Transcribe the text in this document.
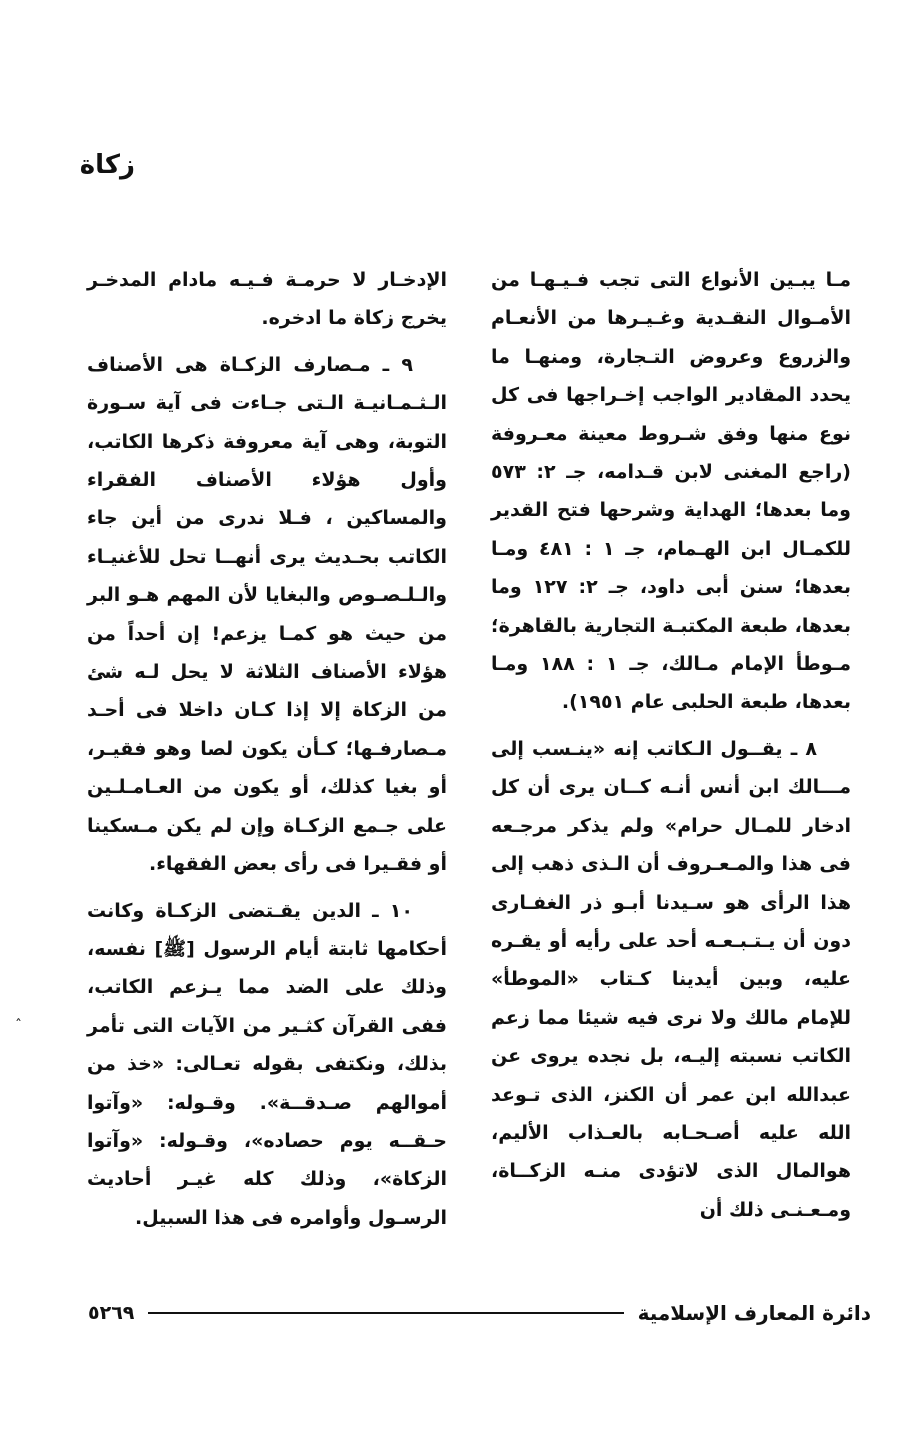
زكاة

مـا يبـين الأنواع التى تجب فـيـهـا من الأمـوال النقـدية وغـيـرها من الأنعـام والزروع وعروض التـجارة، ومنهـا ما يحدد المقادير الواجب إخـراجها فى كل نوع منها وفق شـروط معينة معـروفة (راجع المغنى لابن قـدامه، جـ ٢: ٥٧٣ وما بعدها؛ الهداية وشرحها فتح القدير للكمـال ابن الهـمام، جـ ١ : ٤٨١ ومـا بعدها؛ سنن أبى داود، جـ ٢: ١٢٧ وما بعدها، طبعة المكتبـة التجارية بالقاهرة؛ مـوطأ الإمام مـالك، جـ ١ : ١٨٨ ومـا بعدها، طبعة الحلبى عام ١٩٥١).

٨ ـ يقــول الـكاتب إنه «ينـسب إلى مـــالك ابن أنس أنـه كــان يرى أن كل ادخار للمـال حرام» ولم يذكر مرجـعه فى هذا والمـعـروف أن الـذى ذهب إلى هذا الرأى هو سـيدنا أبـو ذر الغفـارى دون أن يـتـبـعـه أحد على رأيه أو يقـره عليه، وبين أيدينا كـتاب «الموطأ» للإمام مالك ولا نرى فيه شيئا مما زعم الكاتب نسبته إليـه، بل نجده يروى عن عبدالله ابن عمر أن الكنز، الذى تـوعد الله عليه أصـحـابه بالعـذاب الأليم، هوالمال الذى لاتؤدى منـه الزكــاة، ومـعـنـى ذلك أن

الإدخـار لا حرمـة فـيـه مادام المدخـر يخرج زكاة ما ادخره.

٩ ـ مـصارف الزكـاة هى الأصناف الـثـمـانيـة الـتى جـاءت فى آية سـورة التوبة، وهى آية معروفة ذكرها الكاتب، وأول هؤلاء الأصناف الفقراء والمساكين ، فـلا ندرى من أين جاء الكاتب بحـديث يرى أنهــا تحل للأغنيـاء والـلـصـوص والبغايا لأن المهم هـو البر من حيث هو كمـا يزعم! إن أحداً من هؤلاء الأصناف الثلاثة لا يحل لـه شئ من الزكاة إلا إذا كـان داخلا فى أحـد مـصارفـها؛ كـأن يكون لصا وهو فقيـر، أو بغيا كذلك، أو يكون من العـامـلـين على جـمع الزكـاة وإن لم يكن مـسكينا أو فقـيرا فى رأى بعض الفقهاء.

١٠ ـ الدين يقـتضى الزكـاة وكانت أحكامها ثابتة أيام الرسول [ﷺ] نفسه، وذلك على الضد مما يـزعم الكاتب، ففى القرآن كثـير من الآيات التى تأمر بذلك، ونكتفى بقوله تعـالى: «خذ من أموالهم صـدقــة». وقـوله: «وآتوا حـقــه يوم حصاده»، وقـوله: «وآتوا الزكاة»، وذلك كله غيـر أحاديث الرسـول وأوامره فى هذا السبيل.

دائرة المعارف الإسلامية
٥٢٦٩
ˆ
